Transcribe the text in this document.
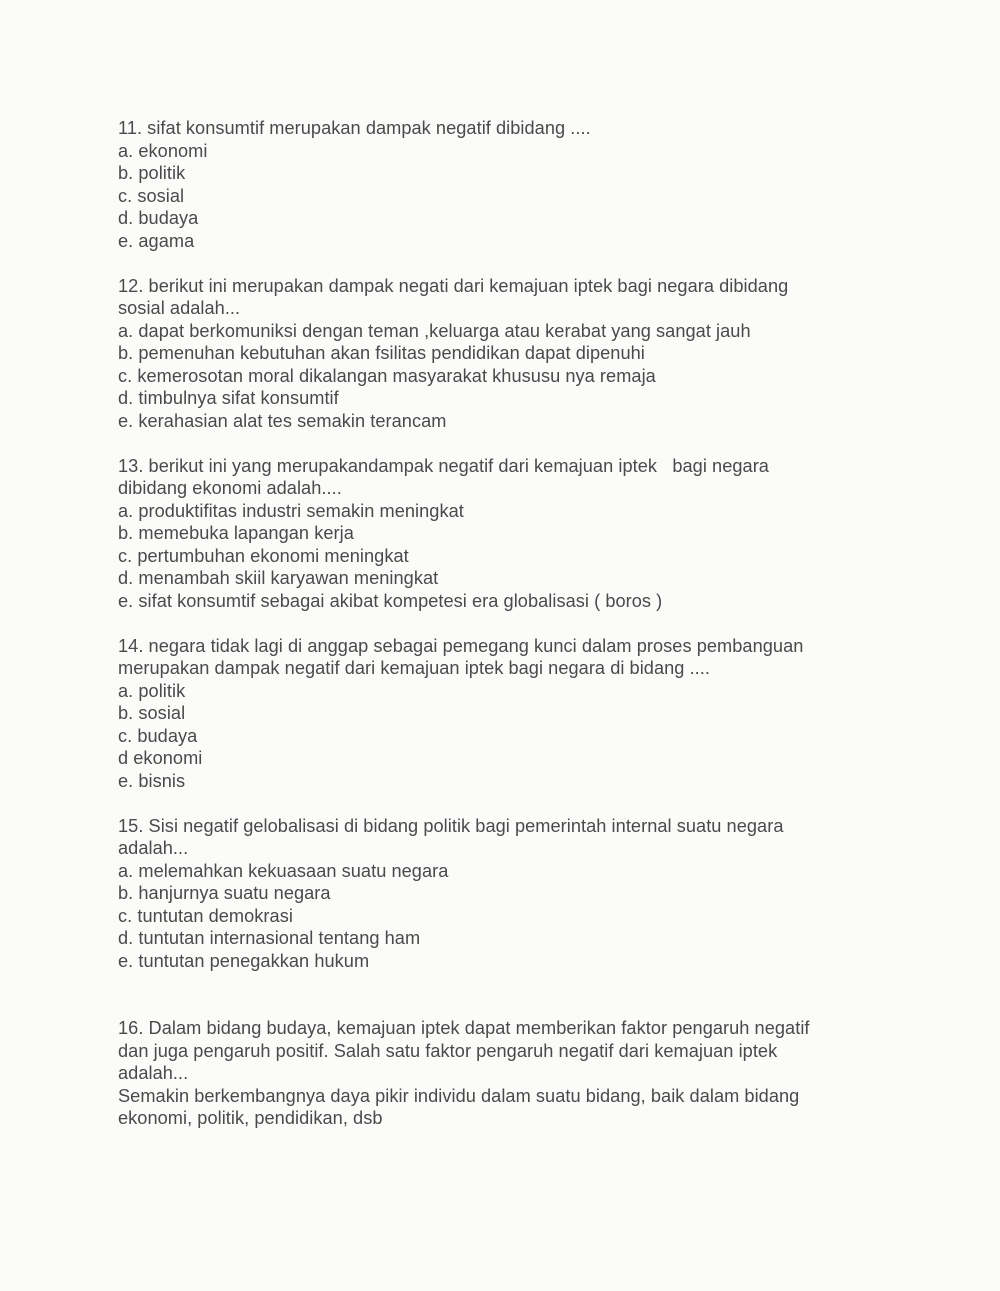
11. sifat konsumtif merupakan dampak negatif dibidang ....

a. ekonomi

b. politik

c. sosial

d. budaya

e. agama

12. berikut ini merupakan dampak negati dari kemajuan iptek bagi negara dibidang

sosial adalah...

a. dapat berkomuniksi dengan teman ,keluarga atau kerabat yang sangat jauh

b. pemenuhan kebutuhan akan fsilitas pendidikan dapat dipenuhi

c. kemerosotan moral dikalangan masyarakat khususu nya remaja

d. timbulnya sifat konsumtif

e. kerahasian alat tes semakin terancam

13. berikut ini yang merupakandampak negatif dari kemajuan iptek   bagi negara

dibidang ekonomi adalah....

a. produktifitas industri semakin meningkat

b. memebuka lapangan kerja

c. pertumbuhan ekonomi meningkat

d. menambah skiil karyawan meningkat

e. sifat konsumtif sebagai akibat kompetesi era globalisasi ( boros )

14. negara tidak lagi di anggap sebagai pemegang kunci dalam proses pembanguan

merupakan dampak negatif dari kemajuan iptek bagi negara di bidang ....

a. politik

b. sosial

c. budaya

d ekonomi

e. bisnis

15. Sisi negatif gelobalisasi di bidang politik bagi pemerintah internal suatu negara

adalah...

a. melemahkan kekuasaan suatu negara

b. hanjurnya suatu negara

c. tuntutan demokrasi

d. tuntutan internasional tentang ham

e. tuntutan penegakkan hukum

16. Dalam bidang budaya, kemajuan iptek dapat memberikan faktor pengaruh negatif

dan juga pengaruh positif. Salah satu faktor pengaruh negatif dari kemajuan iptek

adalah...

Semakin berkembangnya daya pikir individu dalam suatu bidang, baik dalam bidang

ekonomi, politik, pendidikan, dsb
